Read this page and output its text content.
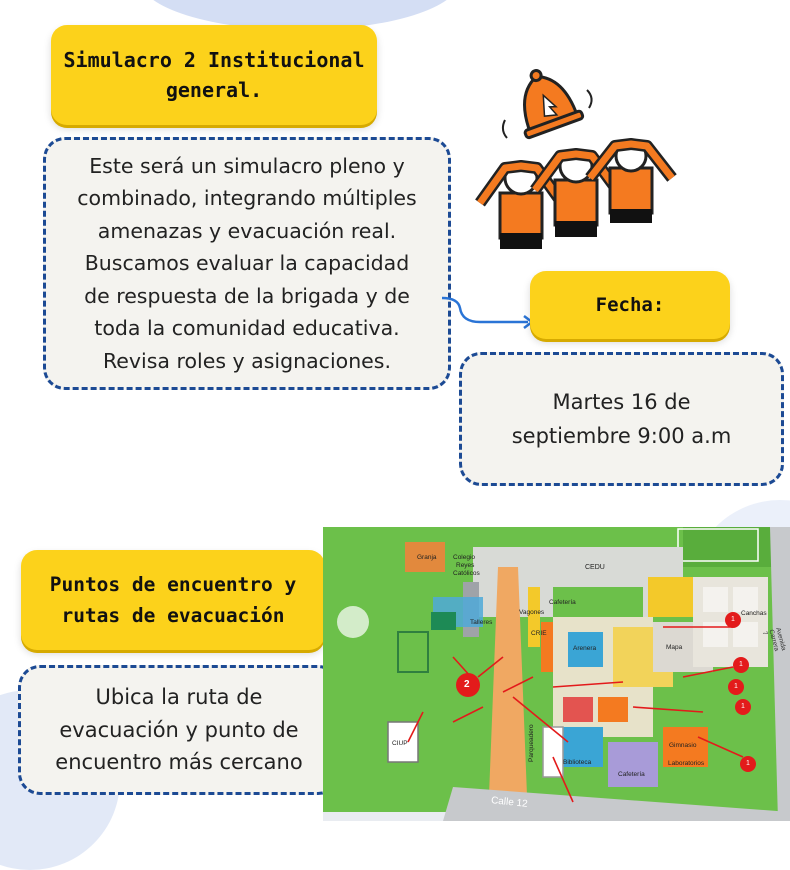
Simulacro 2 Institucional
general.
Este será un simulacro pleno y
combinado, integrando múltiples
amenazas y evacuación real.
Buscamos evaluar la capacidad
de respuesta de la brigada y de
toda la comunidad educativa.
Revisa roles y asignaciones.
Fecha:
Martes 16 de
septiembre 9:00 a.m
Puntos de encuentro y
rutas de evacuación
Ubica la ruta de
evacuación y punto de
encuentro más cercano
Granja	Colegio
Reyes
Católicos
CEDU
Canchas
Cafetería
Arenera
CRIE
Vagones
Talleres
Mapa
Gimnasio
Laboratorios
Biblioteca
Cafetería
CIUP	Parqueadero
Calle 12
Avenida Carrera 7
1
1
1
2
1
1
